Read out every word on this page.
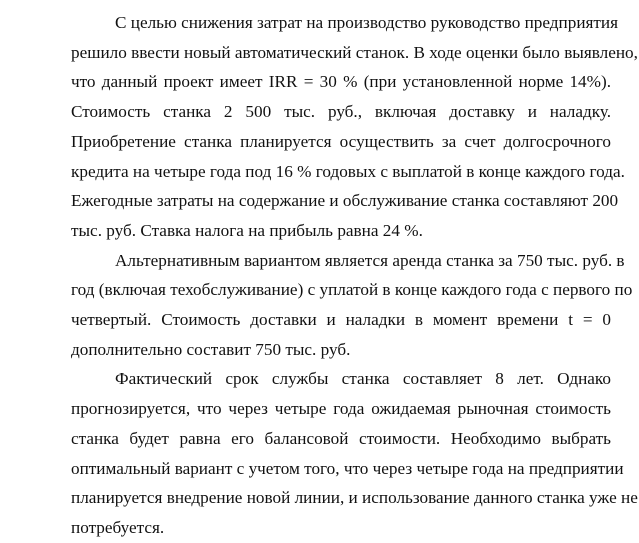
С целью снижения затрат на производство руководство предприятия
решило ввести новый автоматический станок. В ходе оценки было выявлено,
что данный проект имеет IRR = 30 % (при установленной норме 14%).
Стоимость станка 2 500 тыс. руб., включая доставку и наладку.
Приобретение станка планируется осуществить за счет долгосрочного
кредита на четыре года под 16 % годовых с выплатой в конце каждого года.
Ежегодные затраты на содержание и обслуживание станка составляют 200
тыс. руб. Ставка налога на прибыль равна 24 %.
Альтернативным вариантом является аренда станка за 750 тыс. руб. в
год (включая техобслуживание) с уплатой в конце каждого года с первого по
четвертый. Стоимость доставки и наладки в момент времени t = 0
дополнительно составит 750 тыс. руб.
Фактический срок службы станка составляет 8 лет. Однако
прогнозируется, что через четыре года ожидаемая рыночная стоимость
станка будет равна его балансовой стоимости. Необходимо выбрать
оптимальный вариант с учетом того, что через четыре года на предприятии
планируется внедрение новой линии, и использование данного станка уже не
потребуется.
